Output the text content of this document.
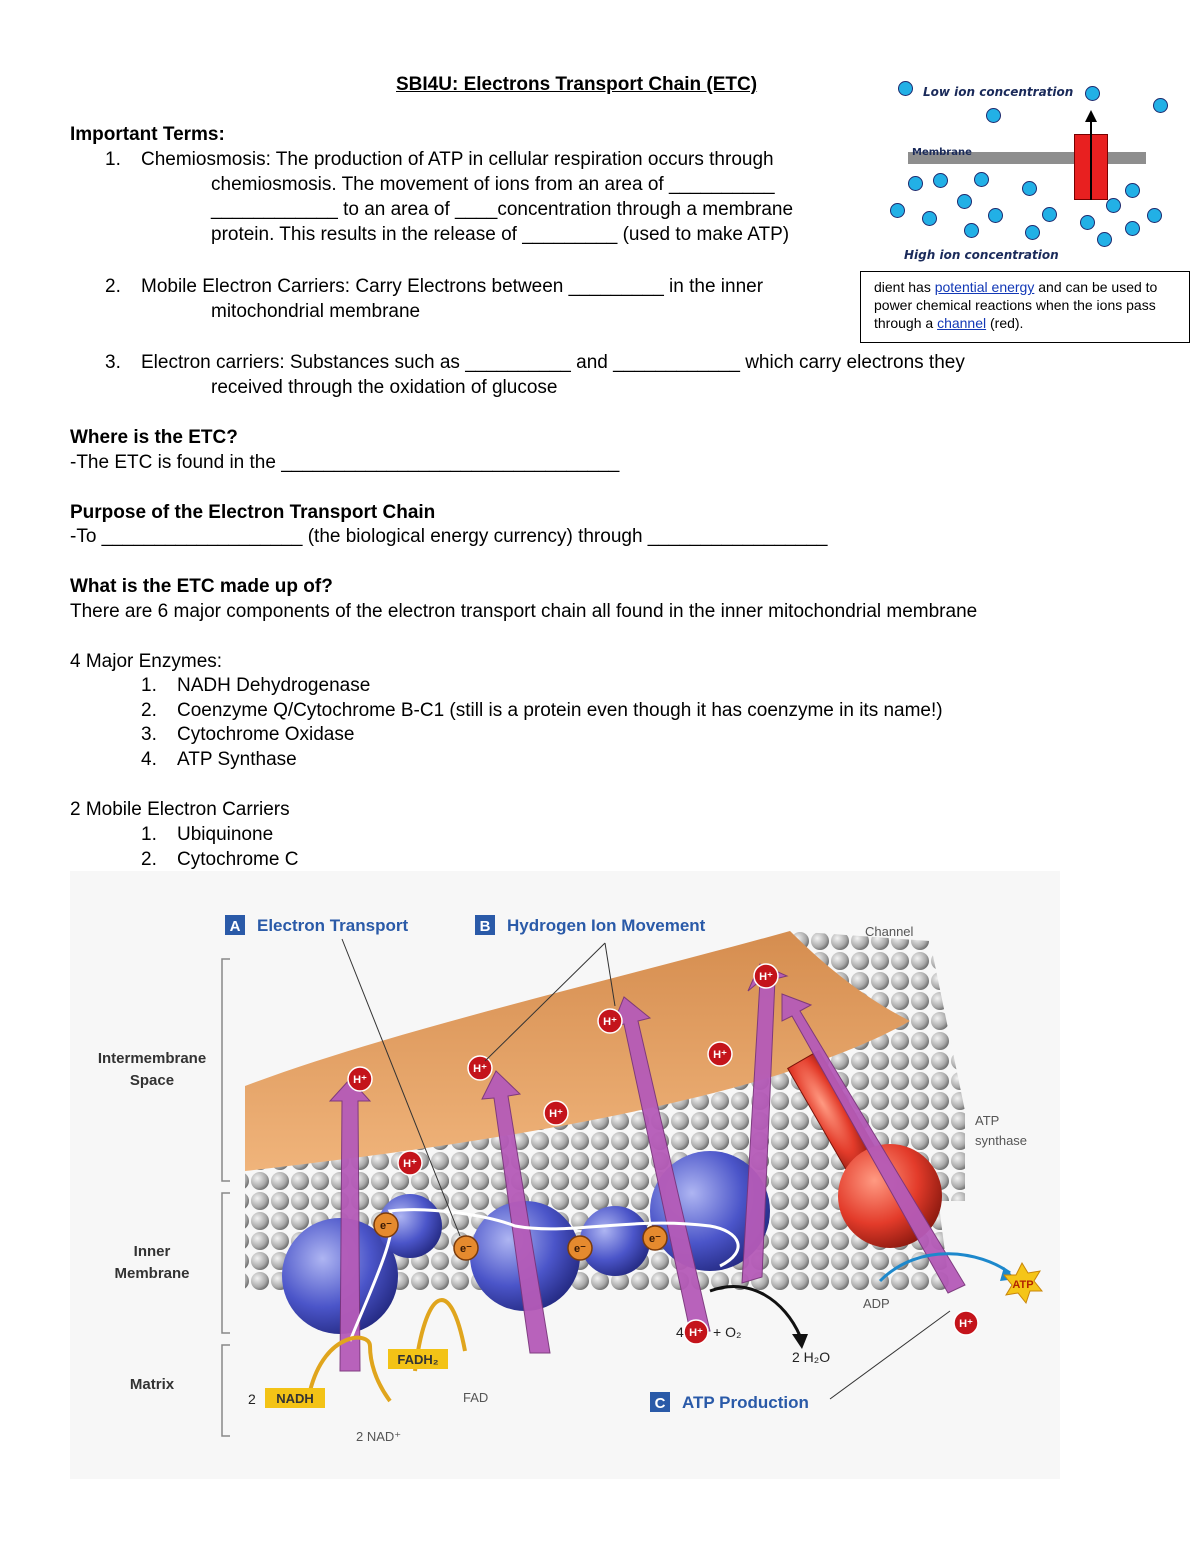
SBI4U: Electrons Transport Chain (ETC)
Important Terms:
1. Chemiosmosis: The production of ATP in cellular respiration occurs through
chemiosmosis. The movement of ions from an area of __________
____________ to an area of ____concentration through a membrane
protein. This results in the release of _________ (used to make ATP)
2. Mobile Electron Carriers: Carry Electrons between _________ in the inner
mitochondrial membrane
3. Electron carriers: Substances such as __________ and ____________ which carry electrons they
received through the oxidation of glucose
Where is the ETC?
-The ETC is found in the ________________________________
Purpose of the Electron Transport Chain
-To ___________________ (the biological energy currency) through _________________
What is the ETC made up of?
There are 6 major components of the electron transport chain all found in the inner mitochondrial membrane
4 Major Enzymes:
1. NADH Dehydrogenase
2. Coenzyme Q/Cytochrome B-C1 (still is a protein even though it has coenzyme in its name!)
3. Cytochrome Oxidase
4. ATP Synthase
2 Mobile Electron Carriers
1. Ubiquinone
2. Cytochrome C
Low ion concentration
High ion concentration
Membrane
dient has potential energy and can be used to power chemical reactions when the ions pass through a channel (red).
H⁺
H⁺
H⁺
H⁺
H⁺
H⁺
H⁺
H⁺
H⁺
e⁻
e⁻	e⁻
e⁻
A Electron Transport	B Hydrogen Ion Movement
C ATP Production
Intermembrane
Space
Inner
Membrane
Matrix
Channel
ATP
synthase
ADP
FAD
2 NAD⁺
ATP
4 + O₂
2 H₂O
2 NADH
FADH₂
